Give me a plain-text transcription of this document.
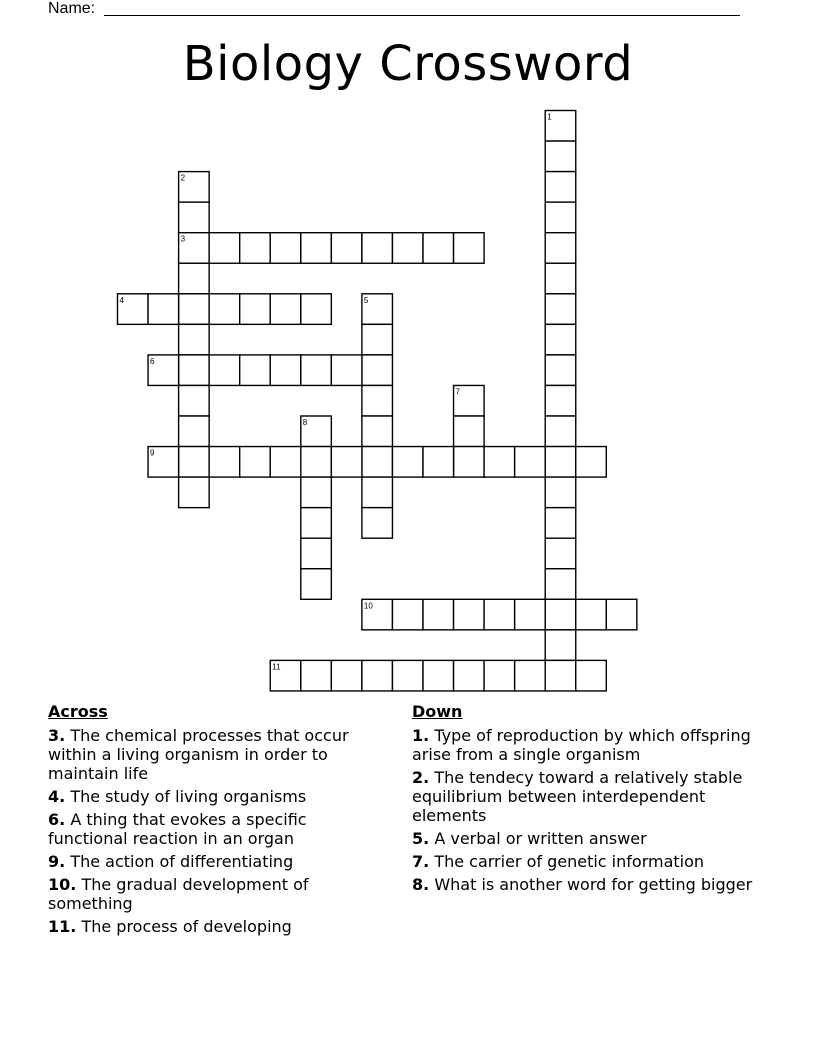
Name:
Biology Crossword
1
2
3
4	5
6
7
8
9
10
11
Across
3. The chemical processes that occur within a living organism in order to maintain life
4. The study of living organisms
6. A thing that evokes a specific functional reaction in an organ
9. The action of differentiating
10. The gradual development of something
11. The process of developing
Down
1. Type of reproduction by which offspring arise from a single organism
2. The tendecy toward a relatively stable equilibrium between interdependent elements
5. A verbal or written answer
7. The carrier of genetic information
8. What is another word for getting bigger
